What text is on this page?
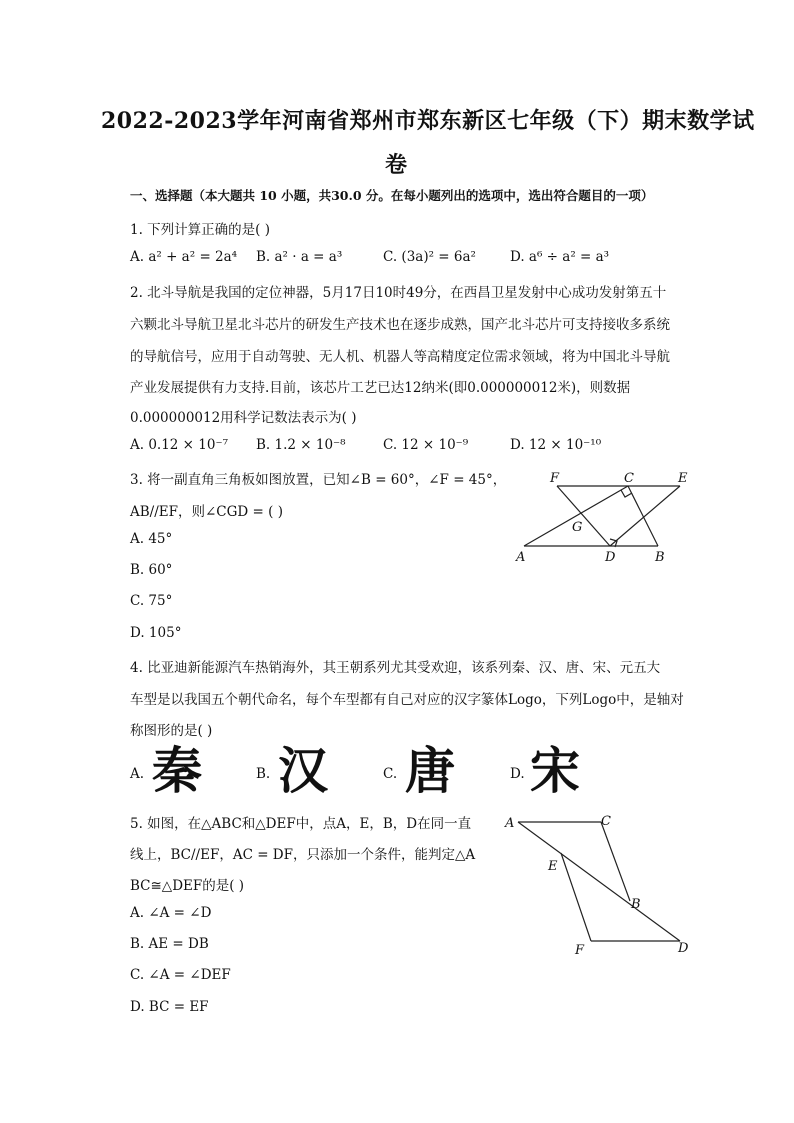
2022-2023学年河南省郑州市郑东新区七年级（下）期末数学试
卷
一、选择题（本大题共 10 小题，共30.0 分。在每小题列出的选项中，选出符合题目的一项）
1. 下列计算正确的是( )
A. a² + a² = 2a⁴ B. a² · a = a³	C. (3a)² = 6a²	D. a⁶ ÷ a² = a³
2. 北斗导航是我国的定位神器，5月17日10时49分，在西昌卫星发射中心成功发射第五十
六颗北斗导航卫星北斗芯片的研发生产技术也在逐步成熟，国产北斗芯片可支持接收多系统
的导航信号，应用于自动驾驶、无人机、机器人等高精度定位需求领域，将为中国北斗导航
产业发展提供有力支持.目前，该芯片工艺已达12纳米(即0.000000012米)，则数据
0.000000012用科学记数法表示为( )
A. 0.12 × 10⁻⁷ B. 1.2 × 10⁻⁸	C. 12 × 10⁻⁹	D. 12 × 10⁻¹⁰
3. 将一副直角三角板如图放置，已知∠B = 60°，∠F = 45°，
AB//EF，则∠CGD = ( )
A. 45°
B. 60°
C. 75°
D. 105°
F	C	E
G
A	D	B
4. 比亚迪新能源汽车热销海外，其王朝系列尤其受欢迎，该系列秦、汉、唐、宋、元五大
车型是以我国五个朝代命名，每个车型都有自己对应的汉字篆体Logo，下列Logo中，是轴对
称图形的是( )
A. 秦	B. 汉	C. 唐	D. 宋
5. 如图，在△ABC和△DEF中，点A，E，B，D在同一直
线上，BC//EF，AC = DF，只添加一个条件，能判定△A
BC≅△DEF的是( )
A. ∠A = ∠D
B. AE = DB
C. ∠A = ∠DEF
D. BC = EF
A	C
E
B
F	D
